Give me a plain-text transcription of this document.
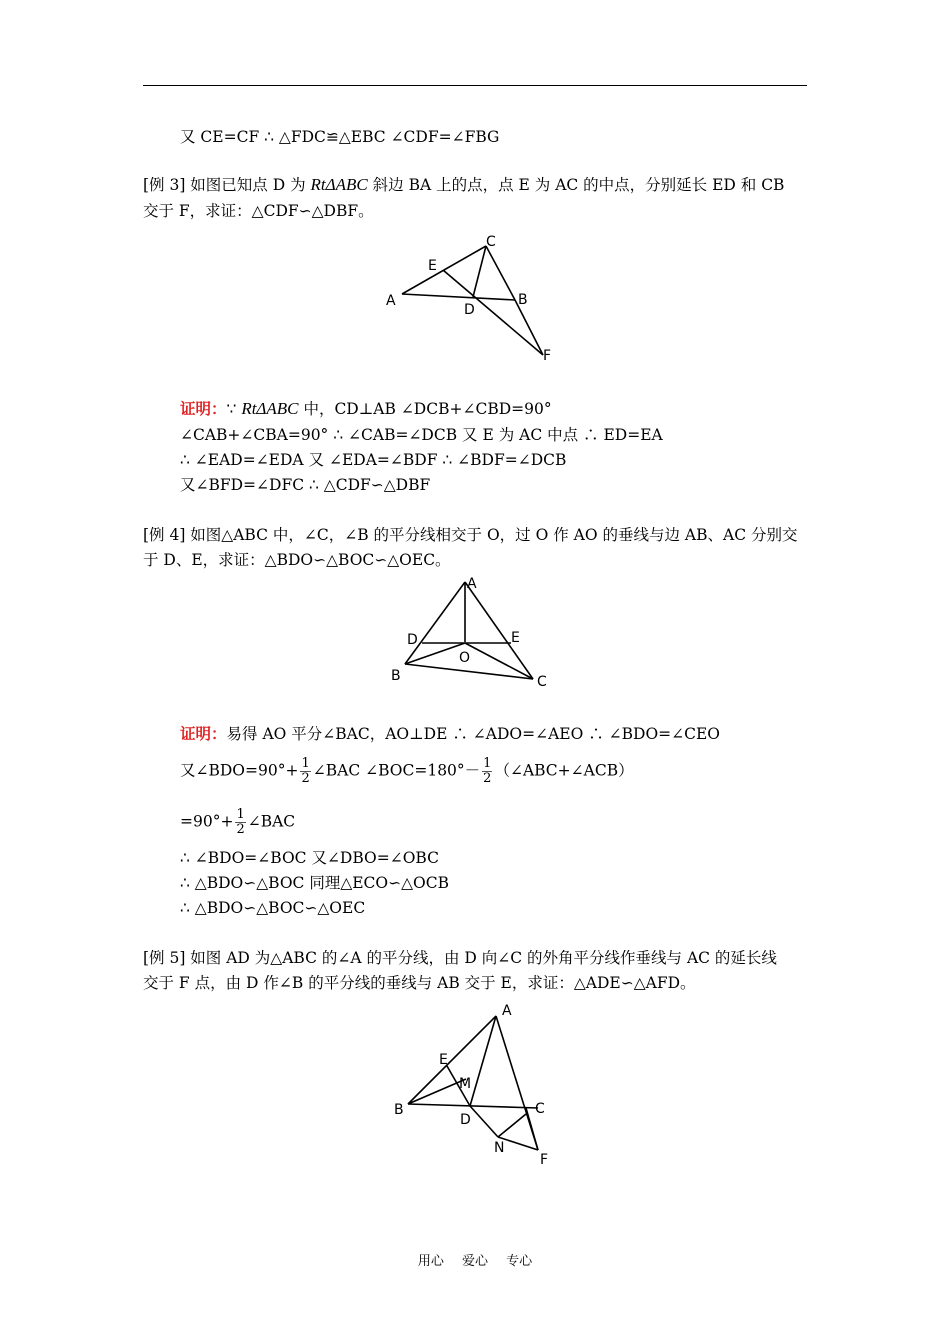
又 CE=CF ∴ △FDC≌△EBC ∠CDF=∠FBG
[例 3] 如图已知点 D 为 RtΔABC 斜边 BA 上的点，点 E 为 AC 的中点，分别延长 ED 和 CB
交于 F，求证：△CDF∽△DBF。
A
E
C
D
B
F
证明：∵ RtΔABC 中，CD⊥AB ∠DCB+∠CBD=90°
∠CAB+∠CBA=90° ∴ ∠CAB=∠DCB 又 E 为 AC 中点 ∴ ED=EA
∴ ∠EAD=∠EDA 又 ∠EDA=∠BDF ∴ ∠BDF=∠DCB
又∠BFD=∠DFC ∴ △CDF∽△DBF
[例 4] 如图△ABC 中，∠C，∠B 的平分线相交于 O，过 O 作 AO 的垂线与边 AB、AC 分别交
于 D、E，求证：△BDO∽△BOC∽△OEC。
A
D	E
O
B	C
证明：易得 AO 平分∠BAC，AO⊥DE ∴ ∠ADO=∠AEO ∴ ∠BDO=∠CEO
又∠BDO=90°+ $\frac{1}{2}$ ∠BAC ∠BOC=180°－ $\frac{1}{2}$ （∠ABC+∠ACB）
$=90^\circ+ \frac{1}{2}$ ∠BAC
∴ ∠BDO=∠BOC 又∠DBO=∠OBC
∴ △BDO∽△BOC 同理△ECO∽△OCB
∴ △BDO∽△BOC∽△OEC
[例 5] 如图 AD 为△ABC 的∠A 的平分线，由 D 向∠C 的外角平分线作垂线与 AC 的延长线
交于 F 点，由 D 作∠B 的平分线的垂线与 AB 交于 E，求证：△ADE∽△AFD。
A
E
M
B
D
C
N
F
用心 爱心 专心
